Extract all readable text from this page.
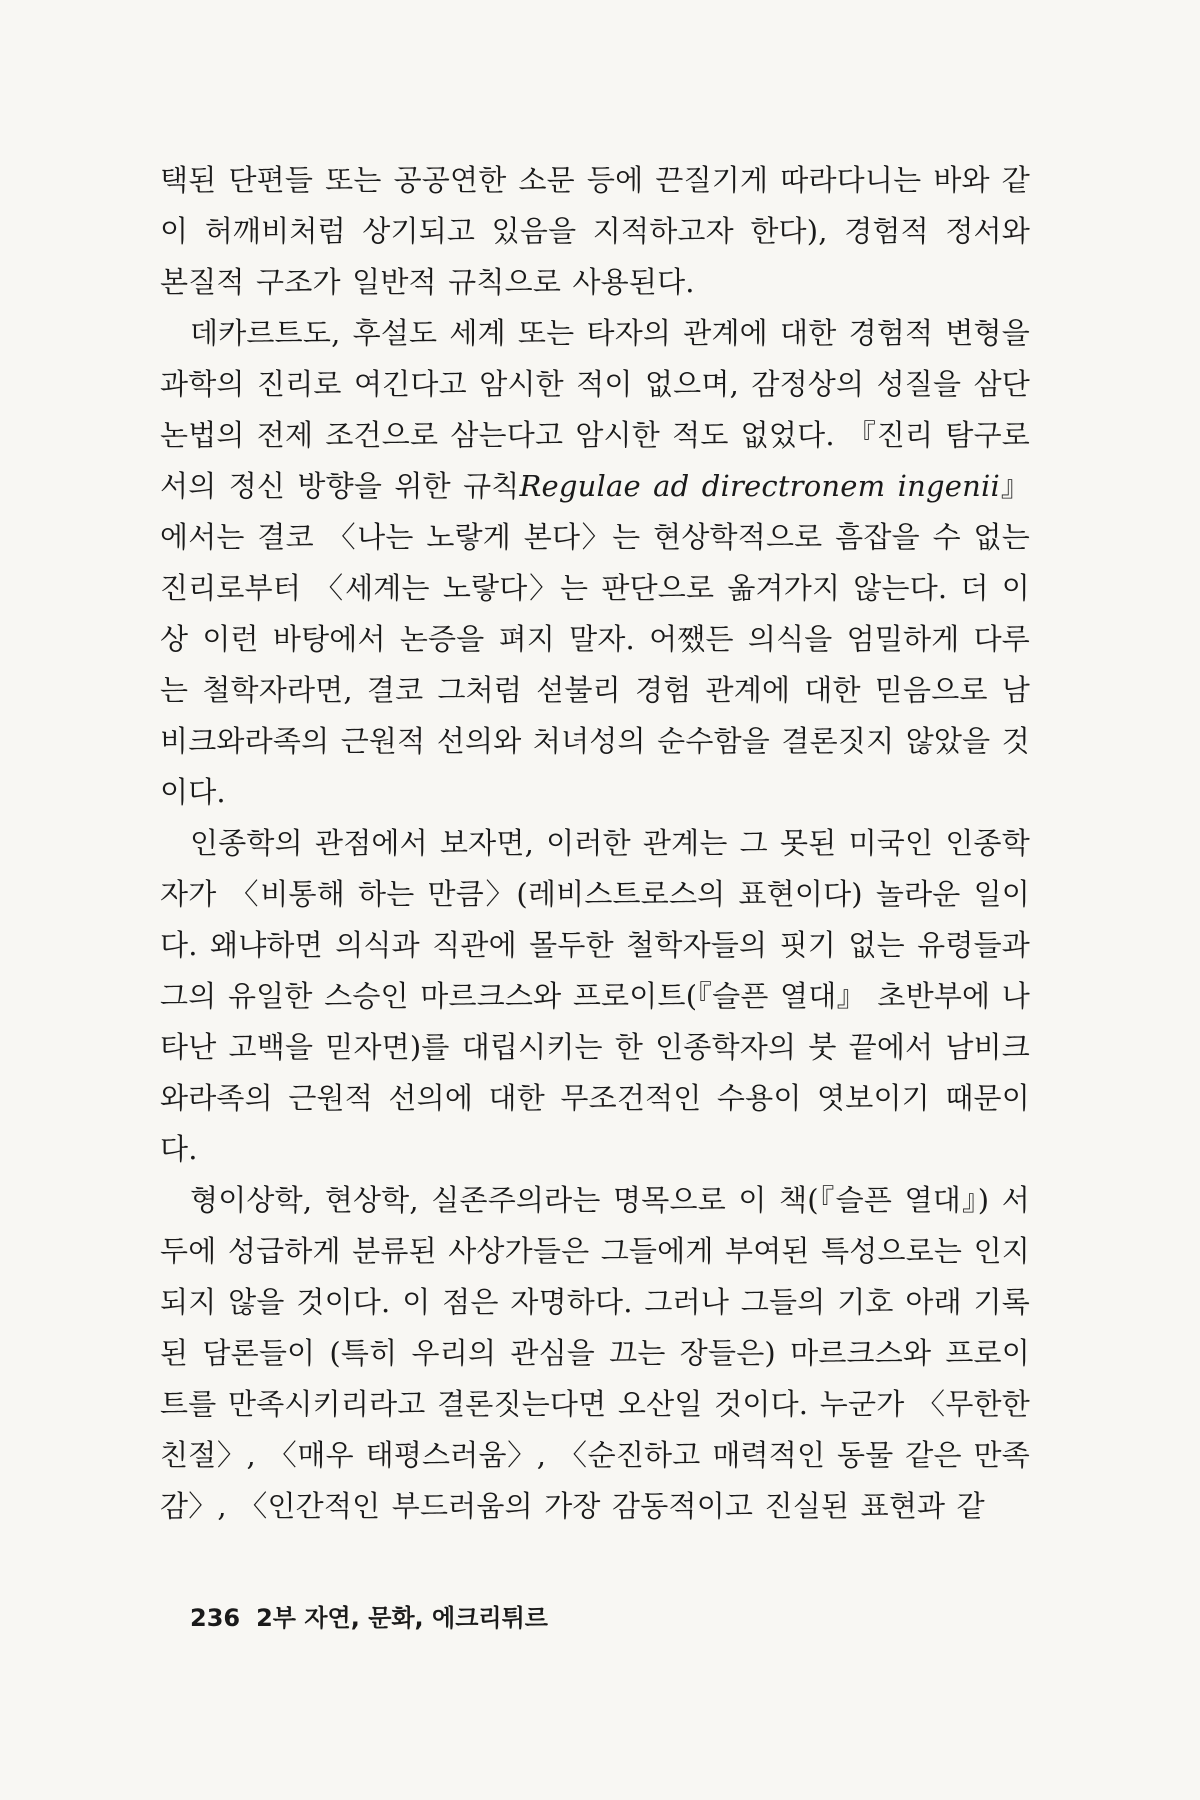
택된 단편들 또는 공공연한 소문 등에 끈질기게 따라다니는 바와 같이 허깨비처럼 상기되고 있음을 지적하고자 한다), 경험적 정서와 본질적 구조가 일반적 규칙으로 사용된다.

데카르트도, 후설도 세계 또는 타자의 관계에 대한 경험적 변형을 과학의 진리로 여긴다고 암시한 적이 없으며, 감정상의 성질을 삼단 논법의 전제 조건으로 삼는다고 암시한 적도 없었다. 『진리 탐구로서의 정신 방향을 위한 규칙Regulae ad directronem ingenii』에서는 결코 〈나는 노랗게 본다〉는 현상학적으로 흠잡을 수 없는 진리로부터 〈세계는 노랗다〉는 판단으로 옮겨가지 않는다. 더 이상 이런 바탕에서 논증을 펴지 말자. 어쨌든 의식을 엄밀하게 다루는 철학자라면, 결코 그처럼 섣불리 경험 관계에 대한 믿음으로 남비크와라족의 근원적 선의와 처녀성의 순수함을 결론짓지 않았을 것이다.

인종학의 관점에서 보자면, 이러한 관계는 그 못된 미국인 인종학자가 〈비통해 하는 만큼〉(레비스트로스의 표현이다) 놀라운 일이다. 왜냐하면 의식과 직관에 몰두한 철학자들의 핏기 없는 유령들과 그의 유일한 스승인 마르크스와 프로이트(『슬픈 열대』 초반부에 나타난 고백을 믿자면)를 대립시키는 한 인종학자의 붓 끝에서 남비크와라족의 근원적 선의에 대한 무조건적인 수용이 엿보이기 때문이다.

형이상학, 현상학, 실존주의라는 명목으로 이 책(『슬픈 열대』) 서두에 성급하게 분류된 사상가들은 그들에게 부여된 특성으로는 인지되지 않을 것이다. 이 점은 자명하다. 그러나 그들의 기호 아래 기록된 담론들이 (특히 우리의 관심을 끄는 장들은) 마르크스와 프로이트를 만족시키리라고 결론짓는다면 오산일 것이다. 누군가 〈무한한 친절〉, 〈매우 태평스러움〉, 〈순진하고 매력적인 동물 같은 만족감〉, 〈인간적인 부드러움의 가장 감동적이고 진실된 표현과 같

236 2부 자연, 문화, 에크리튀르
